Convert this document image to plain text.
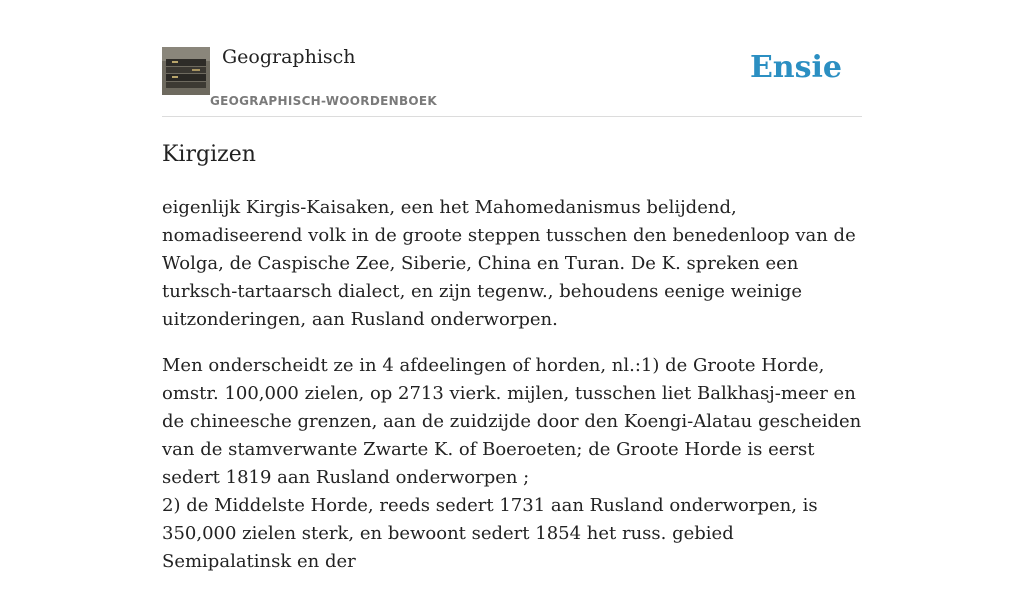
Geographisch
GEOGRAPHISCH-WOORDENBOEK
Ensie
Kirgizen

eigenlijk Kirgis-Kaisaken, een het Mahomedanismus belijdend, nomadiseerend volk in de groote steppen tusschen den benedenloop van de Wolga, de Caspische Zee, Siberie, China en Turan. De K. spreken een turksch-tartaarsch dialect, en zijn tegenw., behoudens eenige weinige uitzonderingen, aan Rusland onderworpen.

Men onderscheidt ze in 4 afdeelingen of horden, nl.:1) de Groote Horde, omstr. 100,000 zielen, op 2713 vierk. mijlen, tusschen liet Balkhasj-meer en de chineesche grenzen, aan de zuidzijde door den Koengi-Alatau gescheiden van de stamverwante Zwarte K. of Boeroeten; de Groote Horde is eerst sedert 1819 aan Rusland onderworpen ;

2) de Middelste Horde, reeds sedert 1731 aan Rusland onderworpen, is 350,000 zielen sterk, en bewoont sedert 1854 het russ. gebied Semipalatinsk en der
